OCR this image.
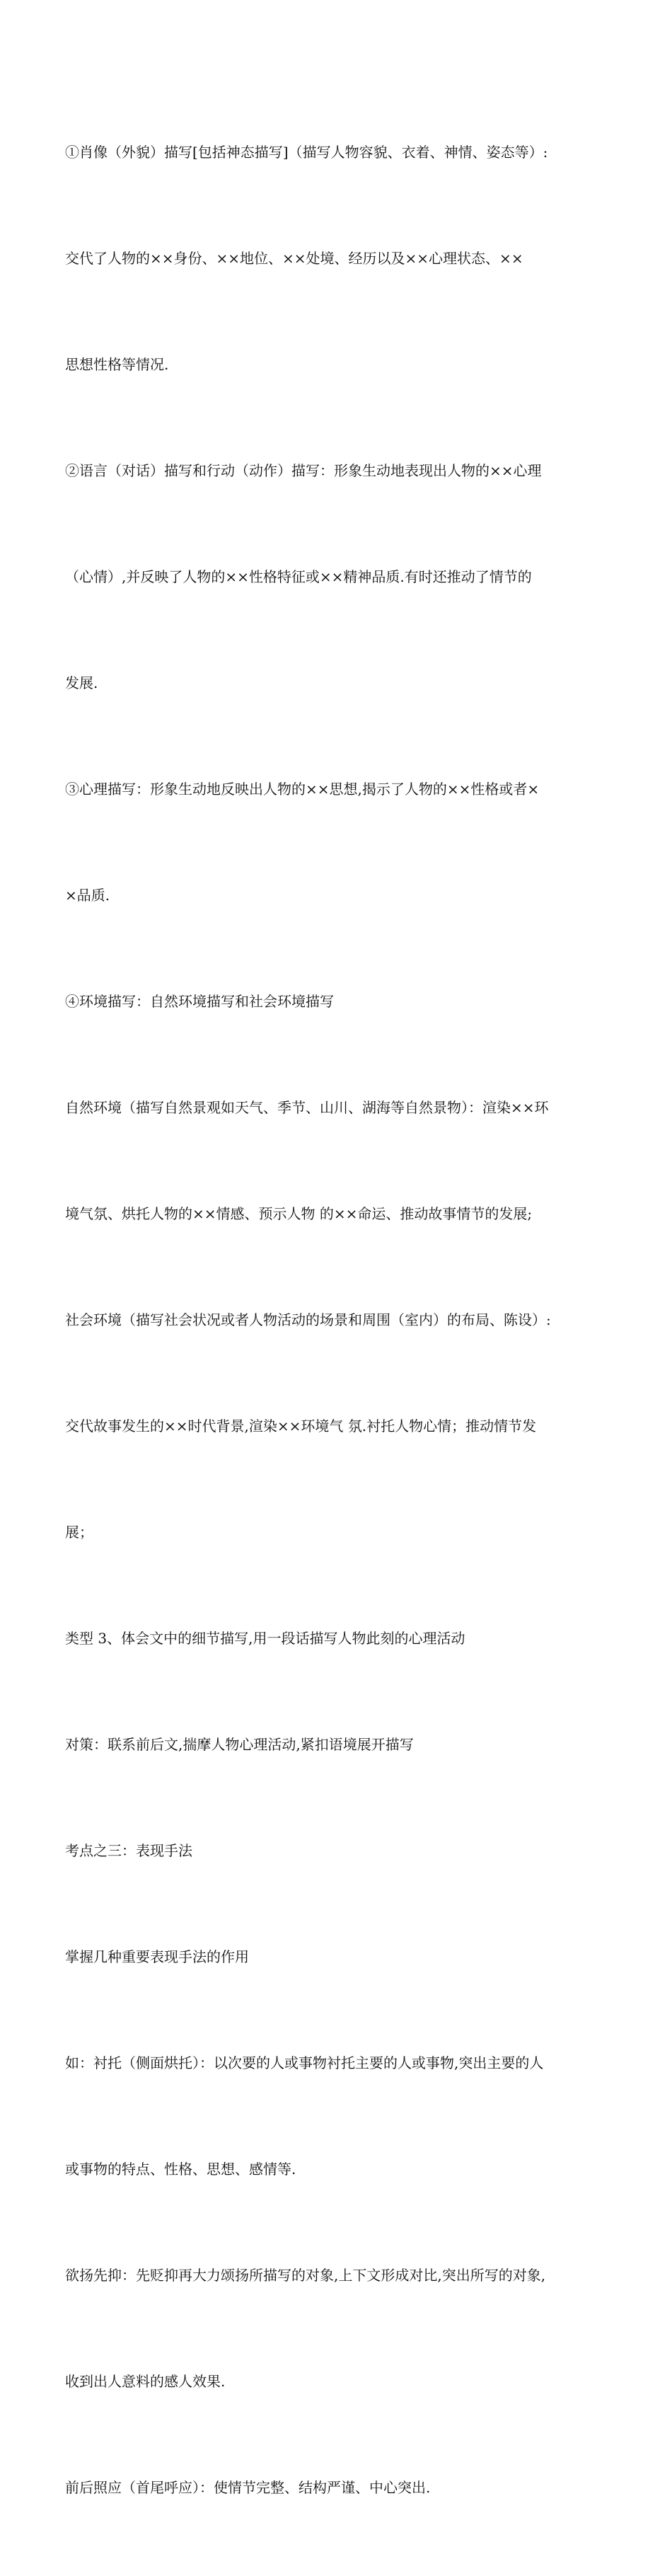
①肖像（外貌）描写[包括神态描写]（描写人物容貌、衣着、神情、姿态等）:

交代了人物的××身份、××地位、××处境、经历以及××心理状态、××

思想性格等情况.

②语言（对话）描写和行动（动作）描写：形象生动地表现出人物的××心理

（心情）,并反映了人物的××性格特征或××精神品质.有时还推动了情节的

发展.

③心理描写：形象生动地反映出人物的××思想,揭示了人物的××性格或者×

×品质.

④环境描写：自然环境描写和社会环境描写

自然环境（描写自然景观如天气、季节、山川、湖海等自然景物）：渲染××环

境气氛、烘托人物的××情感、预示人物 的××命运、推动故事情节的发展;

社会环境（描写社会状况或者人物活动的场景和周围（室内）的布局、陈设）:

交代故事发生的××时代背景,渲染××环境气 氛.衬托人物心情；推动情节发

展；

类型 3、体会文中的细节描写,用一段话描写人物此刻的心理活动

对策：联系前后文,揣摩人物心理活动,紧扣语境展开描写

考点之三：表现手法

掌握几种重要表现手法的作用

如：衬托（侧面烘托）：以次要的人或事物衬托主要的人或事物,突出主要的人

或事物的特点、性格、思想、感情等.

欲扬先抑：先贬抑再大力颂扬所描写的对象,上下文形成对比,突出所写的对象,

收到出人意料的感人效果.

前后照应（首尾呼应）：使情节完整、结构严谨、中心突出.
